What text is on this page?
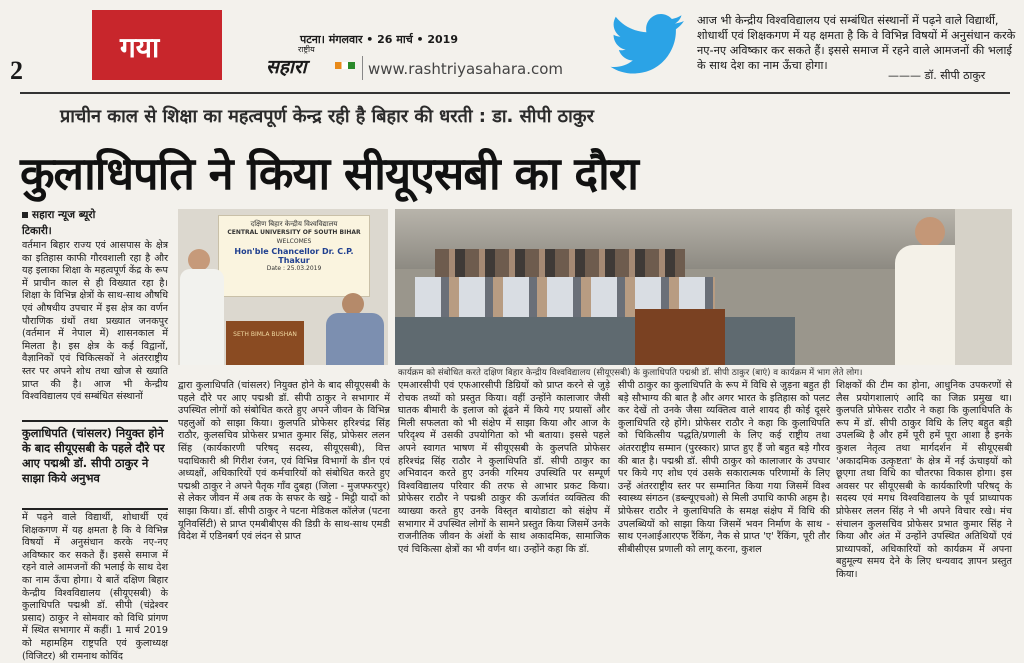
2
गया	पटना। मंगलवार • 26 मार्च • 2019
राष्ट्रीय
सहारा	www.rashtriyasahara.com
आज भी केन्द्रीय विश्वविद्यालय एवं सम्बंधित संस्थानों में पढ़ने वाले विद्यार्थी, शोधार्थी एवं शिक्षकगण में यह क्षमता है कि वे विभिन्न विषयों में अनुसंधान करके नए-नए अविष्कार कर सकते हैं। इससे समाज में रहने वाले आमजनों की भलाई के साथ देश का नाम ऊँचा होगा।
——— डॉ. सीपी ठाकुर
प्राचीन काल से शिक्षा का महत्वपूर्ण केन्द्र रही है बिहार की धरती : डा. सीपी ठाकुर
कुलाधिपति ने किया सीयूएसबी का दौरा
सहारा न्यूज ब्यूरो
टिकारी।
वर्तमान बिहार राज्य एवं आसपास के क्षेत्र का इतिहास काफी गौरवशाली रहा है और यह इलाका शिक्षा के महत्वपूर्ण केंद्र के रूप में प्राचीन काल से ही विख्यात रहा है। शिक्षा के विभिन्न क्षेत्रों के साथ-साथ औषधि एवं औषधीय उपचार में इस क्षेत्र का वर्णन पौराणिक ग्रंथों तथा प्रख्यात जनकपुर (वर्तमान में नेपाल में) शासनकाल में मिलता है। इस क्षेत्र के कई विद्वानों, वैज्ञानिकों एवं चिकित्सकों ने अंतरराष्ट्रीय स्तर पर अपने शोध तथा खोज से ख्याति प्राप्त की है। आज भी केन्द्रीय विश्वविद्यालय एवं सम्बंधित संस्थानों
कुलाधिपति (चांसलर) नियुक्त होने के बाद सीयूएसबी के पहले दौरे पर आए पद्मश्री डॉ. सीपी ठाकुर ने साझा किये अनुभव
में पढ़ने वाले विद्यार्थी, शोधार्थी एवं शिक्षकगण में यह क्षमता है कि वे विभिन्न विषयों में अनुसंधान करके नए-नए अविष्कार कर सकते हैं। इससे समाज में रहने वाले आमजनों की भलाई के साथ देश का नाम ऊँचा होगा। ये बातें दक्षिण बिहार केन्द्रीय विश्वविद्यालय (सीयूएसबी) के कुलाधिपति पद्मश्री डॉ. सीपी (चंद्रेश्वर प्रसाद) ठाकुर ने सोमवार को विधि प्रांगण में स्थित सभागार में कहीं। 1 मार्च 2019 को महामहिम राष्ट्रपति एवं कुलाध्यक्ष (विजिटर) श्री रामनाथ कोविंद
दक्षिण बिहार केन्द्रीय विश्वविद्यालय
CENTRAL UNIVERSITY OF SOUTH BIHAR
WELCOMES
Hon'ble Chancellor Dr. C.P. Thakur
Date : 25.03.2019
SETH BIMLA BUSHAN
कार्यक्रम को संबोधित करते दक्षिण बिहार केन्द्रीय विश्वविद्यालय (सीयूएसबी) के कुलाधिपति पद्मश्री डॉ. सीपी ठाकुर (बाएं) व कार्यक्रम में भाग लेते लोग।
द्वारा कुलाधिपति (चांसलर) नियुक्त होने के बाद सीयूएसबी के पहले दौरे पर आए पद्मश्री डॉ. सीपी ठाकुर ने सभागार में उपस्थित लोगों को संबोधित करते हुए अपने जीवन के विभिन्न पहलुओं को साझा किया। कुलपति प्रोफेसर हरिश्चंद्र सिंह राठौर, कुलसचिव प्रोफेसर प्रभात कुमार सिंह, प्रोफेसर ललन सिंह (कार्यकारणी परिषद् सदस्य, सीयूएसबी), वित्त पदाधिकारी श्री गिरीश रंजन, एवं विभिन्न विभागों के डीन एवं अध्यक्षों, अधिकारियों एवं कर्मचारियों को संबोधित करते हुए पद्मश्री ठाकुर ने अपने पैतृक गाँव दुबहा (जिला - मुजफ्फरपुर) से लेकर जीवन में अब तक के सफर के खट्टे - मिट्ठी यादों को साझा किया। डॉ. सीपी ठाकुर ने पटना मेडिकल कॉलेज (पटना यूनिवर्सिटी) से प्राप्त एमबीबीएस की डिग्री के साथ-साथ एमडी विदेश में एडिनबर्ग एवं लंदन से प्राप्त
एमआरसीपी एवं एफआरसीपी डिग्रियों को प्राप्त करने से जुड़े रोचक तथ्यों को प्रस्तुत किया। वहीं उन्होंने कालाजार जैसी घातक बीमारी के इलाज को ढूंढने में किये गए प्रयासों और मिली सफलता को भी संक्षेप में साझा किया और आज के परिदृश्य में उसकी उपयोगिता को भी बताया। इससे पहले अपने स्वागत भाषण में सीयूएसबी के कुलपति प्रोफेसर हरिश्चंद्र सिंह राठौर ने कुलाधिपति डॉ. सीपी ठाकुर का अभिवादन करते हुए उनकी गरिमय उपस्थिति पर सम्पूर्ण विश्वविद्यालय परिवार की तरफ से आभार प्रकट किया। प्रोफेसर राठौर ने पद्मश्री ठाकुर की ऊर्जावंत व्यक्तित्व की व्याख्या करते हुए उनके विस्तृत बायोडाटा को संक्षेप में सभागार में उपस्थित लोगों के सामने प्रस्तुत किया जिसमें उनके राजनीतिक जीवन के अंशों के साथ अकादमिक, सामाजिक एवं चिकित्सा क्षेत्रों का भी वर्णन था। उन्होंने कहा कि डॉ.
सीपी ठाकुर का कुलाधिपति के रूप में विधि से जुड़ना बहुत ही बड़े सौभाग्य की बात है और अगर भारत के इतिहास को पलट कर देखें तो उनके जैसा व्यक्तित्व वाले शायद ही कोई दूसरे कुलाधिपति रहे होंगे। प्रोफेसर राठौर ने कहा कि कुलाधिपति को चिकित्सीय पद्धति/प्रणाली के लिए कई राष्ट्रीय तथा अंतरराष्ट्रीय सम्मान (पुरस्कार) प्राप्त हुए हैं जो बहुत बड़े गौरव की बात है। पद्मश्री डॉ. सीपी ठाकुर को कालाजार के उपचार पर किये गए शोध एवं उसके सकारात्मक परिणामों के लिए उन्हें अंतरराष्ट्रीय स्तर पर सम्मानित किया गया जिसमें विश्व स्वास्थ्य संगठन (डब्ल्यूएचओ) से मिली उपाधि काफी अहम है। प्रोफेसर राठौर ने कुलाधिपति के समक्ष संक्षेप में विधि की उपलब्धियों को साझा किया जिसमें भवन निर्माण के साथ - साथ एनआईआरएफ रैंकिंग, नैक से प्राप्त 'ए' रैंकिंग, पूरी तौर सीबीसीएस प्रणाली को लागू करना, कुशल
शिक्षकों की टीम का होना, आधुनिक उपकरणों से लैस प्रयोगशालाएं आदि का जिक्र प्रमुख था। कुलपति प्रोफेसर राठौर ने कहा कि कुलाधिपति के रूप में डॉ. सीपी ठाकुर विधि के लिए बहुत बड़ी उपलब्धि है और हमें पूरी हमें पूरा आशा है इनके कुशल नेतृत्व तथा मार्गदर्शन में सीयूएसबी 'अकादमिक उत्कृष्टता' के क्षेत्र में नई ऊंचाइयों को छूएगा तथा विधि का चौतरफा विकास होगा। इस अवसर पर सीयूएसबी के कार्यकारिणी परिषद् के सदस्य एवं मगध विश्वविद्यालय के पूर्व प्राध्यापक प्रोफेसर ललन सिंह ने भी अपने विचार रखे। मंच संचालन कुलसचिव प्रोफेसर प्रभात कुमार सिंह ने किया और अंत में उन्होंने उपस्थित अतिथियों एवं प्राध्यापकों, अधिकारियों को कार्यक्रम में अपना बहुमूल्य समय देने के लिए धन्यवाद ज्ञापन प्रस्तुत किया।
